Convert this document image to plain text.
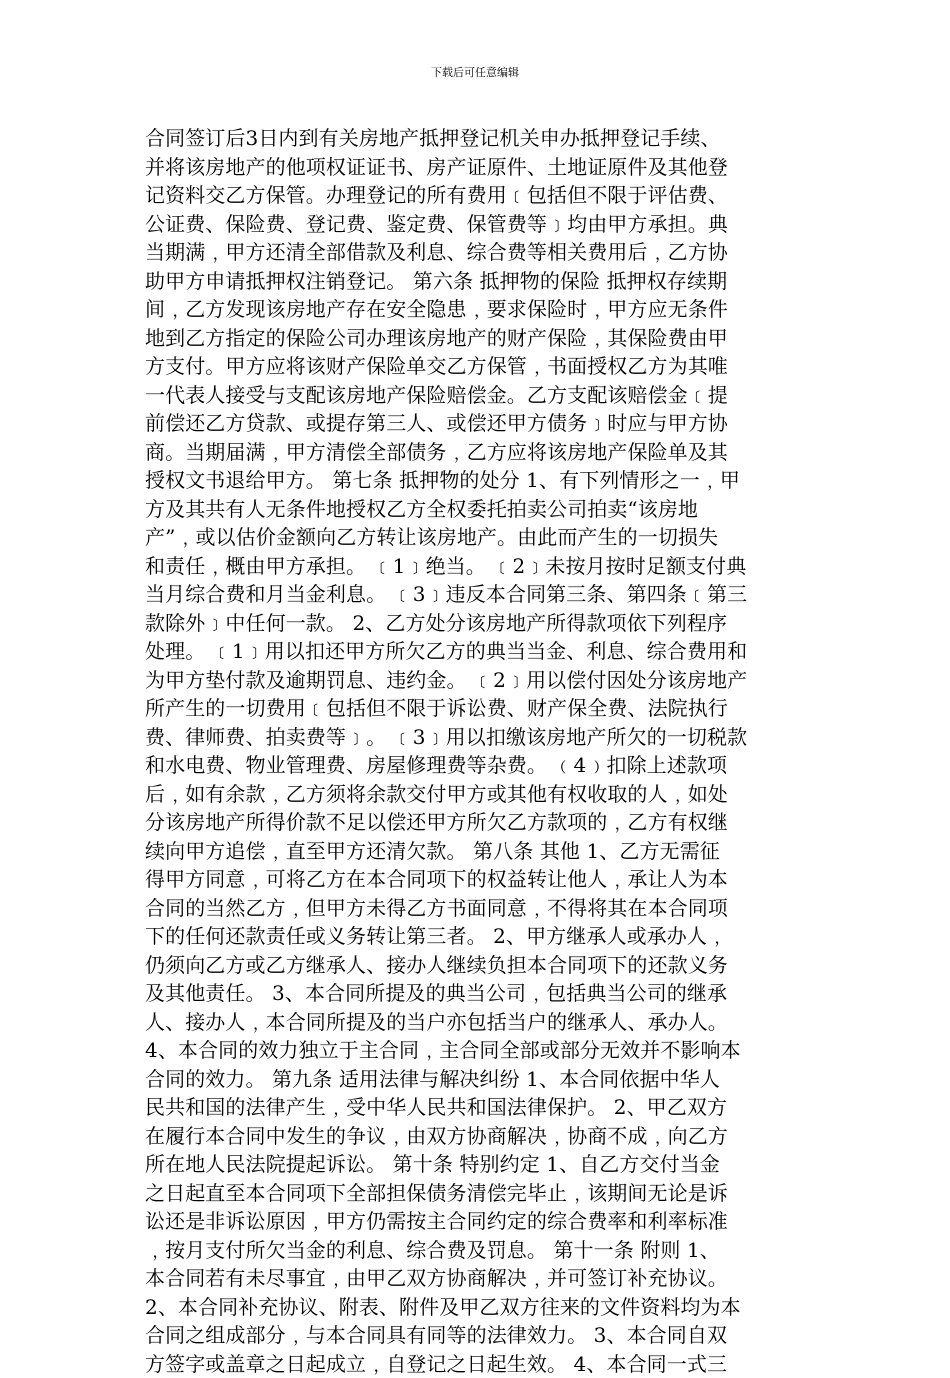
下载后可任意编辑
合同签订后3日内到有关房地产抵押登记机关申办抵押登记手续、
并将该房地产的他项权证证书、房产证原件、土地证原件及其他登
记资料交乙方保管。办理登记的所有费用﹝包括但不限于评估费、
公证费、保险费、登记费、鉴定费、保管费等﹞均由甲方承担。典
当期满﹐甲方还清全部借款及利息、综合费等相关费用后﹐乙方协
助甲方申请抵押权注销登记。 第六条 抵押物的保险 抵押权存续期
间﹐乙方发现该房地产存在安全隐患﹐要求保险时﹐甲方应无条件
地到乙方指定的保险公司办理该房地产的财产保险﹐其保险费由甲
方支付。甲方应将该财产保险单交乙方保管﹐书面授权乙方为其唯
一代表人接受与支配该房地产保险赔偿金。乙方支配该赔偿金﹝提
前偿还乙方贷款、或提存第三人、或偿还甲方债务﹞时应与甲方协
商。当期届满﹐甲方清偿全部债务﹐乙方应将该房地产保险单及其
授权文书退给甲方。 第七条 抵押物的处分 1、有下列情形之一﹐甲
方及其共有人无条件地授权乙方全权委托拍卖公司拍卖“该房地
产”﹐或以估价金额向乙方转让该房地产。由此而产生的一切损失
和责任﹐概由甲方承担。 ﹝1﹞绝当。 ﹝2﹞未按月按时足额支付典
当月综合费和月当金利息。 ﹝3﹞违反本合同第三条、第四条﹝第三
款除外﹞中任何一款。 2、乙方处分该房地产所得款项依下列程序
处理。 ﹝1﹞用以扣还甲方所欠乙方的典当当金、利息、综合费用和
为甲方垫付款及逾期罚息、违约金。 ﹝2﹞用以偿付因处分该房地产
所产生的一切费用﹝包括但不限于诉讼费、财产保全费、法院执行
费、律师费、拍卖费等﹞。 ﹝3﹞用以扣缴该房地产所欠的一切税款
和水电费、物业管理费、房屋修理费等杂费。 ﹙4﹚扣除上述款项
后﹐如有余款﹐乙方须将余款交付甲方或其他有权收取的人﹐如处
分该房地产所得价款不足以偿还甲方所欠乙方款项的﹐乙方有权继
续向甲方追偿﹐直至甲方还清欠款。 第八条 其他 1、乙方无需征
得甲方同意﹐可将乙方在本合同项下的权益转让他人﹐承让人为本
合同的当然乙方﹐但甲方未得乙方书面同意﹐不得将其在本合同项
下的任何还款责任或义务转让第三者。 2、甲方继承人或承办人﹐
仍须向乙方或乙方继承人、接办人继续负担本合同项下的还款义务
及其他责任。 3、本合同所提及的典当公司﹐包括典当公司的继承
人、接办人﹐本合同所提及的当户亦包括当户的继承人、承办人。
4、本合同的效力独立于主合同﹐主合同全部或部分无效并不影响本
合同的效力。 第九条 适用法律与解决纠纷 1、本合同依据中华人
民共和国的法律产生﹐受中华人民共和国法律保护。 2、甲乙双方
在履行本合同中发生的争议﹐由双方协商解决﹐协商不成﹐向乙方
所在地人民法院提起诉讼。 第十条 特别约定 1、自乙方交付当金
之日起直至本合同项下全部担保债务清偿完毕止﹐该期间无论是诉
讼还是非诉讼原因﹐甲方仍需按主合同约定的综合费率和利率标准
﹐按月支付所欠当金的利息、综合费及罚息。 第十一条 附则 1、
本合同若有未尽事宜﹐由甲乙双方协商解决﹐并可签订补充协议。
2、本合同补充协议、附表、附件及甲乙双方往来的文件资料均为本
合同之组成部分﹐与本合同具有同等的法律效力。 3、本合同自双
方签字或盖章之日起成立﹐自登记之日起生效。 4、本合同一式三
